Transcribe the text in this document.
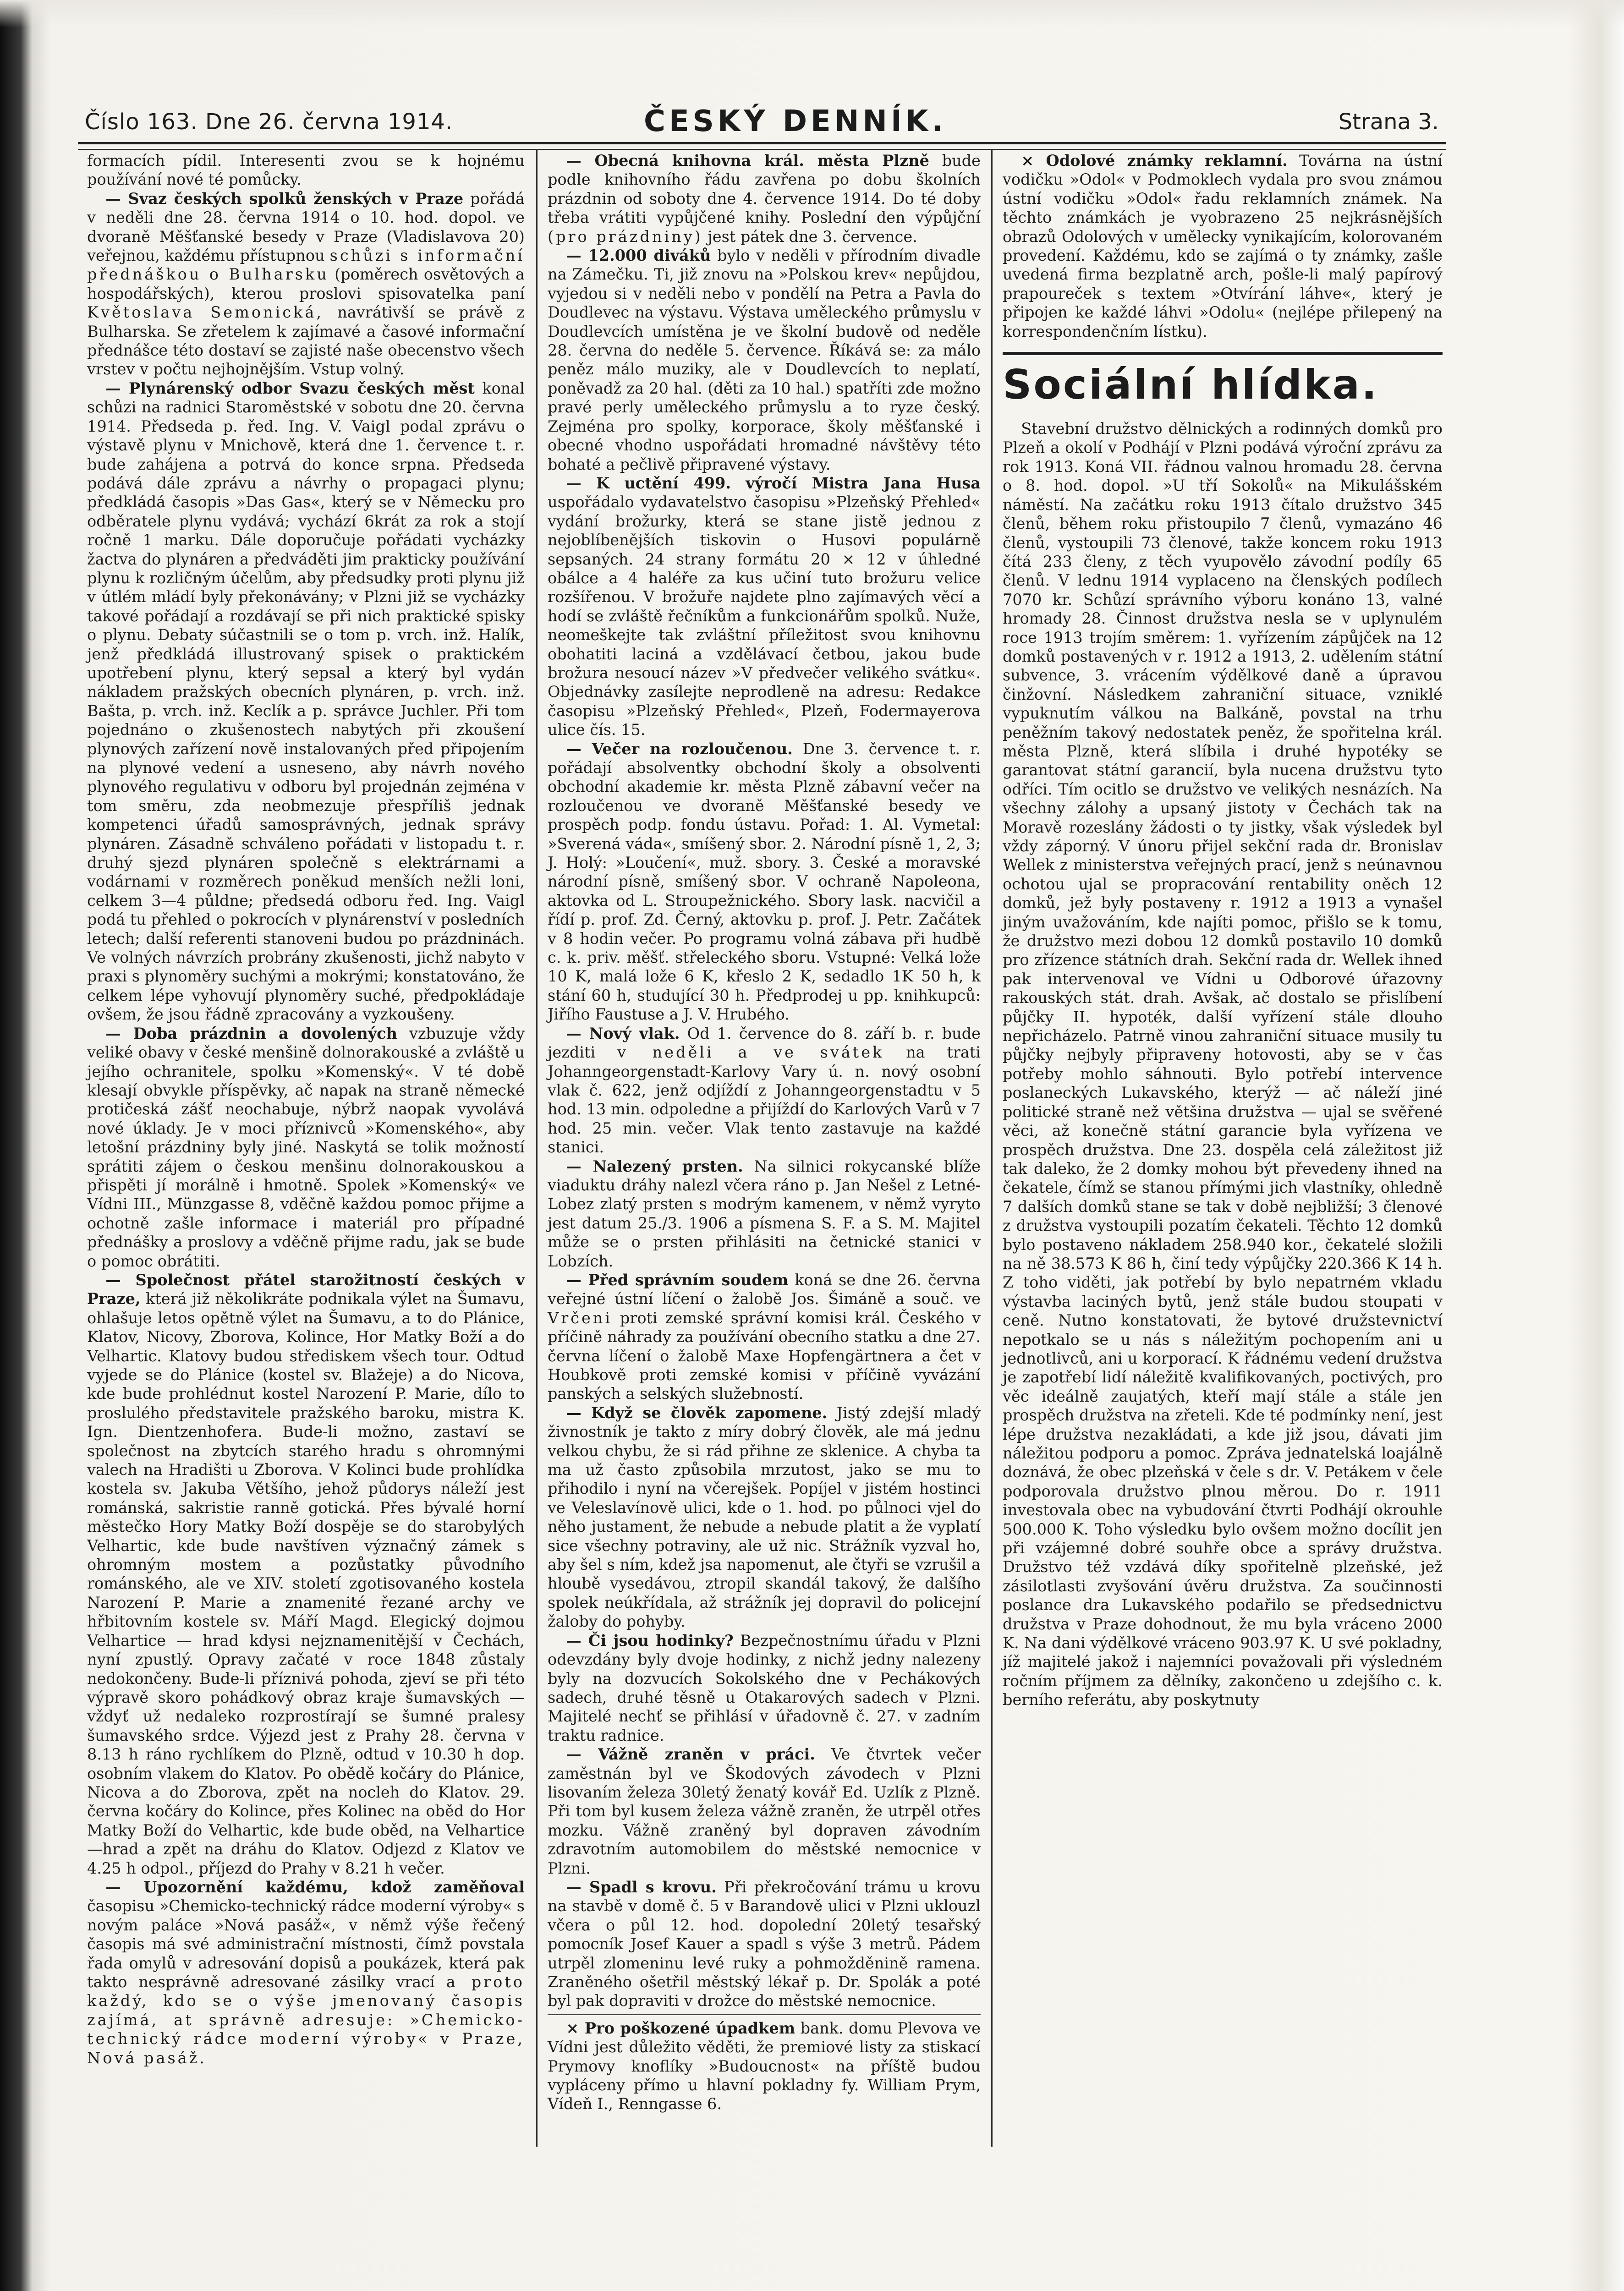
Číslo 163. Dne 26. června 1914.	ČESKÝ DENNÍK.	Strana 3.

formacích pídil. Interesenti zvou se k hojnému používání nové té pomůcky.

— Svaz českých spolků ženských v Praze pořádá v neděli dne 28. června 1914 o 10. hod. dopol. ve dvoraně Měšťanské besedy v Praze (Vladislavova 20) veřejnou, každému přístupnou schůzi s informační přednáškou o Bulharsku (poměrech osvětových a hospodářských), kterou proslovi spisovatelka paní Květoslava Semonická, navrátivší se právě z Bulharska. Se zřetelem k zajímavé a časové informační přednášce této dostaví se zajisté naše obecenstvo všech vrstev v počtu nejhojnějším. Vstup volný.

— Plynárenský odbor Svazu českých měst konal schůzi na radnici Staroměstské v sobotu dne 20. června 1914. Předseda p. řed. Ing. V. Vaigl podal zprávu o výstavě plynu v Mnichově, která dne 1. července t. r. bude zahájena a potrvá do konce srpna. Předseda podává dále zprávu a návrhy o propagaci plynu; předkládá časopis »Das Gas«, který se v Německu pro odběratele plynu vydává; vychází 6krát za rok a stojí ročně 1 marku. Dále doporučuje pořádati vycházky žactva do plynáren a předváděti jim prakticky používání plynu k rozličným účelům, aby předsudky proti plynu již v útlém mládí byly překonávány; v Plzni již se vycházky takové pořádají a rozdávají se při nich praktické spisky o plynu. Debaty súčastnili se o tom p. vrch. inž. Halík, jenž předkládá illustrovaný spisek o praktickém upotřebení plynu, který sepsal a který byl vydán nákladem pražských obecních plynáren, p. vrch. inž. Bašta, p. vrch. inž. Keclík a p. správce Juchler. Při tom pojednáno o zkušenostech nabytých při zkoušení plynových zařízení nově instalovaných před připojením na plynové vedení a usneseno, aby návrh nového plynového regulativu v odboru byl projednán zejména v tom směru, zda neobmezuje přespříliš jednak kompetenci úřadů samosprávných, jednak správy plynáren. Zásadně schváleno pořádati v listopadu t. r. druhý sjezd plynáren společně s elektrárnami a vodárnami v rozměrech poněkud menších nežli loni, celkem 3—4 půldne; předsedá odboru řed. Ing. Vaigl podá tu přehled o pokrocích v plynárenství v posledních letech; další referenti stanoveni budou po prázdninách. Ve volných návrzích probrány zkušenosti, jichž nabyto v praxi s plynoměry suchými a mokrými; konstatováno, že celkem lépe vyhovují plynoměry suché, předpokládaje ovšem, že jsou řádně zpracovány a vyzkoušeny.

— Doba prázdnin a dovolených vzbuzuje vždy veliké obavy v české menšině dolnorakouské a zvláště u jejího ochranitele, spolku »Komenský«. V té době klesají obvykle příspěvky, ač napak na straně německé protičeská zášť neochabuje, nýbrž naopak vyvolává nové úklady. Je v moci příznivců »Komenského«, aby letošní prázdniny byly jiné. Naskytá se tolik možností sprátiti zájem o českou menšinu dolnorakouskou a přispěti jí morálně i hmotně. Spolek »Komenský« ve Vídni III., Münzgasse 8, vděčně každou pomoc přijme a ochotně zašle informace i materiál pro případné přednášky a proslovy a vděčně přijme radu, jak se bude o pomoc obrátiti.

— Společnost přátel starožitností českých v Praze, která již několikráte podnikala výlet na Šumavu, ohlašuje letos opětně výlet na Šumavu, a to do Plánice, Klatov, Nicovy, Zborova, Kolince, Hor Matky Boží a do Velhartic. Klatovy budou střediskem všech tour. Odtud vyjede se do Plánice (kostel sv. Blažeje) a do Nicova, kde bude prohlédnut kostel Narození P. Marie, dílo to proslulého představitele pražského baroku, mistra K. Ign. Dientzenhofera. Bude-li možno, zastaví se společnost na zbytcích starého hradu s ohromnými valech na Hradišti u Zborova. V Kolinci bude prohlídka kostela sv. Jakuba Většího, jehož půdorys náleží jest románská, sakristie ranně gotická. Přes bývalé horní městečko Hory Matky Boží dospěje se do starobylých Velhartic, kde bude navštíven význačný zámek s ohromným mostem a pozůstatky původního románského, ale ve XIV. století zgotisovaného kostela Narození P. Marie a znamenité řezané archy ve hřbitovním kostele sv. Máří Magd. Elegický dojmou Velhartice — hrad kdysi nejznamenitější v Čechách, nyní zpustlý. Opravy začaté v roce 1848 zůstaly nedokončeny. Bude-li příznivá pohoda, zjeví se při této výpravě skoro pohádkový obraz kraje šumavských — vždyť už nedaleko rozprostírají se šumné pralesy šumavského srdce. Výjezd jest z Prahy 28. června v 8.13 h ráno rychlíkem do Plzně, odtud v 10.30 h dop. osobním vlakem do Klatov. Po obědě kočáry do Plánice, Nicova a do Zborova, zpět na nocleh do Klatov. 29. června kočáry do Kolince, přes Kolinec na oběd do Hor Matky Boží do Velhartic, kde bude oběd, na Velhartice—hrad a zpět na dráhu do Klatov. Odjezd z Klatov ve 4.25 h odpol., příjezd do Prahy v 8.21 h večer.

— Upozornění každému, kdož zaměňoval časopisu »Chemicko-technický rádce moderní výroby« s novým paláce »Nová pasáž«, v němž výše řečený časopis má své administrační místnosti, čímž povstala řada omylů v adresování dopisů a poukázek, která pak takto nesprávně adresované zásilky vrací a proto každý, kdo se o výše jmenovaný časopis zajímá, at správně adresuje: »Chemicko-technický rádce moderní výroby« v Praze, Nová pasáž.

— Obecná knihovna král. města Plzně bude podle knihovního řádu zavřena po dobu školních prázdnin od soboty dne 4. července 1914. Do té doby třeba vrátiti vypůjčené knihy. Poslední den výpůjční (pro prázdniny) jest pátek dne 3. července.

— 12.000 diváků bylo v neděli v přírodním divadle na Zámečku. Ti, již znovu na »Polskou krev« nepůjdou, vyjedou si v neděli nebo v pondělí na Petra a Pavla do Doudlevec na výstavu. Výstava uměleckého průmyslu v Doudlevcích umístěna je ve školní budově od neděle 28. června do neděle 5. července. Říkává se: za málo peněz málo muziky, ale v Doudlevcích to neplatí, poněvadž za 20 hal. (děti za 10 hal.) spatříti zde možno pravé perly uměleckého průmyslu a to ryze český. Zejména pro spolky, korporace, školy měšťanské i obecné vhodno uspořádati hromadné návštěvy této bohaté a pečlivě připravené výstavy.

— K uctění 499. výročí Mistra Jana Husa uspořádalo vydavatelstvo časopisu »Plzeňský Přehled« vydání brožurky, která se stane jistě jednou z nejoblíbenějších tiskovin o Husovi populárně sepsaných. 24 strany formátu 20 × 12 v úhledné obálce a 4 haléře za kus učiní tuto brožuru velice rozšířenou. V brožuře najdete plno zajímavých věcí a hodí se zvláště řečníkům a funkcionářům spolků. Nuže, neomeškejte tak zvláštní příležitost svou knihovnu obohatiti laciná a vzdělávací četbou, jakou bude brožura nesoucí název »V předvečer velikého svátku«. Objednávky zasílejte neprodleně na adresu: Redakce časopisu »Plzeňský Přehled«, Plzeň, Fodermayerova ulice čís. 15.

— Večer na rozloučenou. Dne 3. července t. r. pořádají absolventky obchodní školy a obsolventi obchodní akademie kr. města Plzně zábavní večer na rozloučenou ve dvoraně Měšťanské besedy ve prospěch podp. fondu ústavu. Pořad: 1. Al. Vymetal: »Sverená váda«, smíšený sbor. 2. Národní písně 1, 2, 3; J. Holý: »Loučení«, muž. sbory. 3. České a moravské národní písně, smíšený sbor. V ochraně Napoleona, aktovka od L. Stroupežnického. Sbory lask. nacvičil a řídí p. prof. Zd. Černý, aktovku p. prof. J. Petr. Začátek v 8 hodin večer. Po programu volná zábava při hudbě c. k. priv. měšť. střeleckého sboru. Vstupné: Velká lože 10 K, malá lože 6 K, křeslo 2 K, sedadlo 1K 50 h, k stání 60 h, studující 30 h. Předprodej u pp. knihkupců: Jiřího Faustuse a J. V. Hrubého.

— Nový vlak. Od 1. července do 8. září b. r. bude jezditi v neděli a ve svátek na trati Johanngeorgenstadt-Karlovy Vary ú. n. nový osobní vlak č. 622, jenž odjíždí z Johanngeorgenstadtu v 5 hod. 13 min. odpoledne a přijíždí do Karlových Varů v 7 hod. 25 min. večer. Vlak tento zastavuje na každé stanici.

— Nalezený prsten. Na silnici rokycanské blíže viaduktu dráhy nalezl včera ráno p. Jan Nešel z Letné-Lobez zlatý prsten s modrým kamenem, v němž vyryto jest datum 25./3. 1906 a písmena S. F. a S. M. Majitel může se o prsten přihlásiti na četnické stanici v Lobzích.

— Před správním soudem koná se dne 26. června veřejné ústní líčení o žalobě Jos. Šimáně a souč. ve Vrčeni proti zemské správní komisi král. Českého v příčině náhrady za používání obecního statku a dne 27. června líčení o žalobě Maxe Hopfengärtnera a čet v Houbkově proti zemské komisi v příčině vyvázání panských a selských služebností.

— Když se člověk zapomene. Jistý zdejší mladý živnostník je takto z míry dobrý člověk, ale má jednu velkou chybu, že si rád přihne ze sklenice. A chyba ta ma už často způsobila mrzutost, jako se mu to přihodilo i nyní na včerejšek. Popíjel v jistém hostinci ve Veleslavínově ulici, kde o 1. hod. po půlnoci vjel do něho justament, že nebude a nebude platit a že vyplatí sice všechny potraviny, ale už nic. Strážník vyzval ho, aby šel s ním, kdež jsa napomenut, ale čtyři se vzrušil a hloubě vysedávou, ztropil skandál takový, že dalšího spolek neúkřídala, až strážník jej dopravil do policejní žaloby do pohyby.

— Či jsou hodinky? Bezpečnostnímu úřadu v Plzni odevzdány byly dvoje hodinky, z nichž jedny nalezeny byly na dozvucích Sokolského dne v Pechákových sadech, druhé těsně u Otakarových sadech v Plzni. Majitelé nechť se přihlásí v úřadovně č. 27. v zadním traktu radnice.

— Vážně zraněn v práci. Ve čtvrtek večer zaměstnán byl ve Škodových závodech v Plzni lisovaním železa 30letý ženatý kovář Ed. Uzlík z Plzně. Při tom byl kusem železa vážně zraněn, že utrpěl otřes mozku. Vážně zraněný byl dopraven závodním zdravotním automobilem do městské nemocnice v Plzni.

— Spadl s krovu. Při překročování trámu u krovu na stavbě v domě č. 5 v Barandově ulici v Plzni uklouzl včera o půl 12. hod. dopolední 20letý tesařský pomocník Josef Kauer a spadl s výše 3 metrů. Pádem utrpěl zlomeninu levé ruky a pohmožděnině ramena. Zraněného ošetřil městský lékař p. Dr. Spolák a poté byl pak dopraviti v drožce do městské nemocnice.

× Pro poškozené úpadkem bank. domu Plevova ve Vídni jest důležito věděti, že premiové listy za stiskací Prymovy knoflíky »Budoucnost« na příště budou vypláceny přímo u hlavní pokladny fy. William Prym, Vídeň I., Renngasse 6.

× Odolové známky reklamní. Továrna na ústní vodičku »Odol« v Podmoklech vydala pro svou známou ústní vodičku »Odol« řadu reklamních známek. Na těchto známkách je vyobrazeno 25 nejkrásnějších obrazů Odolových v umělecky vynikajícím, kolorovaném provedení. Každému, kdo se zajímá o ty známky, zašle uvedená firma bezplatně arch, pošle-li malý papírový prapoureček s textem »Otvírání láhve«, který je připojen ke každé láhvi »Odolu« (nejlépe přilepený na korrespondenčním lístku).

Sociální hlídka.

Stavební družstvo dělnických a rodinných domků pro Plzeň a okolí v Podhájí v Plzni podává výroční zprávu za rok 1913. Koná VII. řádnou valnou hromadu 28. června o 8. hod. dopol. »U tří Sokolů« na Mikulášském náměstí. Na začátku roku 1913 čítalo družstvo 345 členů, během roku přistoupilo 7 členů, vymazáno 46 členů, vystoupili 73 členové, takže koncem roku 1913 čítá 233 členy, z těch vyupovělo závodní podíly 65 členů. V lednu 1914 vyplaceno na členských podílech 7070 kr. Schůzí správního výboru konáno 13, valné hromady 28. Činnost družstva nesla se v uplynulém roce 1913 trojím směrem: 1. vyřízením zápůjček na 12 domků postavených v r. 1912 a 1913, 2. udělením státní subvence, 3. vrácením výdělkové daně a úpravou činžovní. Následkem zahraniční situace, vzniklé vypuknutím válkou na Balkáně, povstal na trhu peněžním takový nedostatek peněz, že spořitelna král. města Plzně, která slíbila i druhé hypotéky se garantovat státní garancií, byla nucena družstvu tyto odříci. Tím ocitlo se družstvo ve velikých nesnázích. Na všechny zálohy a upsaný jistoty v Čechách tak na Moravě rozeslány žádosti o ty jistky, však výsledek byl vždy záporný. V únoru přijel sekční rada dr. Bronislav Wellek z ministerstva veřejných prací, jenž s neúnavnou ochotou ujal se propracování rentability oněch 12 domků, jež byly postaveny r. 1912 a 1913 a vynašel jiným uvažováním, kde najíti pomoc, přišlo se k tomu, že družstvo mezi dobou 12 domků postavilo 10 domků pro zřízence státních drah. Sekční rada dr. Wellek ihned pak intervenoval ve Vídni u Odborové úřazovny rakouských stát. drah. Avšak, ač dostalo se přislíbení půjčky II. hypoték, další vyřízení stále dlouho nepřicházelo. Patrně vinou zahraniční situace musily tu půjčky nejbyly připraveny hotovosti, aby se v čas potřeby mohlo sáhnouti. Bylo potřebí intervence poslaneckých Lukavského, kterýž — ač náleží jiné politické straně než většina družstva — ujal se svěřené věci, až konečně státní garancie byla vyřízena ve prospěch družstva. Dne 23. dospěla celá záležitost již tak daleko, že 2 domky mohou být převedeny ihned na čekatele, čímž se stanou přímými jich vlastníky, ohledně 7 dalších domků stane se tak v době nejbližší; 3 členové z družstva vystoupili pozatím čekateli. Těchto 12 domků bylo postaveno nákladem 258.940 kor., čekatelé složili na ně 38.573 K 86 h, činí tedy výpůjčky 220.366 K 14 h. Z toho viděti, jak potřebí by bylo nepatrném vkladu výstavba laciných bytů, jenž stále budou stoupati v ceně. Nutno konstatovati, že bytové družstevnictví nepotkalo se u nás s náležitým pochopením ani u jednotlivců, ani u korporací. K řádnému vedení družstva je zapotřebí lidí náležitě kvalifikovaných, poctivých, pro věc ideálně zaujatých, kteří mají stále a stále jen prospěch družstva na zřeteli. Kde té podmínky není, jest lépe družstva nezakládati, a kde již jsou, dávati jim náležitou podporu a pomoc. Zpráva jednatelská loajálně doznává, že obec plzeňská v čele s dr. V. Petákem v čele podporovala družstvo plnou měrou. Do r. 1911 investovala obec na vybudování čtvrti Podhájí okrouhle 500.000 K. Toho výsledku bylo ovšem možno docílit jen při vzájemné dobré souhře obce a správy družstva. Družstvo též vzdává díky spořitelně plzeňské, jež zásilotlasti zvyšování úvěru družstva. Za součinnosti poslance dra Lukavského podařilo se předsednictvu družstva v Praze dohodnout, že mu byla vráceno 2000 K. Na dani výdělkové vráceno 903.97 K. U své pokladny, jíž majitelé jakož i najemníci považovali při výsledném ročním příjmem za dělníky, zakončeno u zdejšího c. k. berního referátu, aby poskytnuty
